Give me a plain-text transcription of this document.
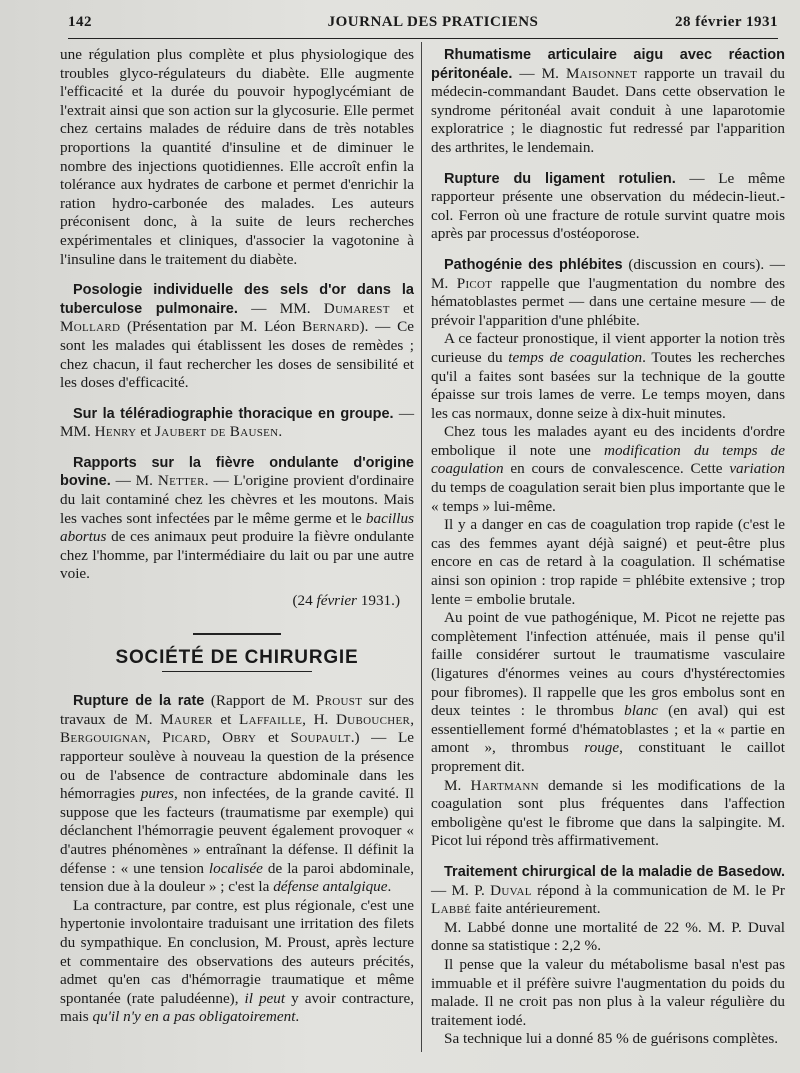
142	JOURNAL DES PRATICIENS	28 février 1931

une régulation plus complète et plus physiologique des troubles glyco-régulateurs du diabète. Elle augmente l'efficacité et la durée du pouvoir hypoglycémiant de l'extrait ainsi que son action sur la glycosurie. Elle permet chez certains malades de réduire dans de très notables proportions la quantité d'insuline et de diminuer le nombre des injections quotidiennes. Elle accroît enfin la tolérance aux hydrates de carbone et permet d'enrichir la ration hydro-carbonée des malades. Les auteurs préconisent donc, à la suite de leurs recherches expérimentales et cliniques, d'associer la vagotonine à l'insuline dans le traitement du diabète.

Posologie individuelle des sels d'or dans la tuberculose pulmonaire. — MM. Dumarest et Mollard (Présentation par M. Léon Bernard). — Ce sont les malades qui établissent les doses de remèdes ; chez chacun, il faut rechercher les doses de sensibilité et les doses d'efficacité.

Sur la téléradiographie thoracique en groupe. — MM. Henry et Jaubert de Bausen.

Rapports sur la fièvre ondulante d'origine bovine. — M. Netter. — L'origine provient d'ordinaire du lait contaminé chez les chèvres et les moutons. Mais les vaches sont infectées par le même germe et le bacillus abortus de ces animaux peut produire la fièvre ondulante chez l'homme, par l'intermédiaire du lait ou par une autre voie.

(24 février 1931.)

SOCIÉTÉ DE CHIRURGIE

Rupture de la rate (Rapport de M. Proust sur des travaux de M. Maurer et Laffaille, H. Duboucher, Bergouignan, Picard, Obry et Soupault.) — Le rapporteur soulève à nouveau la question de la présence ou de l'absence de contracture abdominale dans les hémorragies pures, non infectées, de la grande cavité. Il suppose que les facteurs (traumatisme par exemple) qui déclanchent l'hémorragie peuvent également provoquer « d'autres phénomènes » entraînant la défense. Il définit la défense : « une tension localisée de la paroi abdominale, tension due à la douleur » ; c'est la défense antalgique.

La contracture, par contre, est plus régionale, c'est une hypertonie involontaire traduisant une irritation des filets du sympathique. En conclusion, M. Proust, après lecture et commentaire des observations des auteurs précités, admet qu'en cas d'hémorragie traumatique et même spontanée (rate paludéenne), il peut y avoir contracture, mais qu'il n'y en a pas obligatoirement.

Rhumatisme articulaire aigu avec réaction péritonéale. — M. Maisonnet rapporte un travail du médecin-commandant Baudet. Dans cette observation le syndrome péritonéal avait conduit à une laparotomie exploratrice ; le diagnostic fut redressé par l'apparition des arthrites, le lendemain.

Rupture du ligament rotulien. — Le même rapporteur présente une observation du médecin-lieut.-col. Ferron où une fracture de rotule survint quatre mois après par processus d'ostéoporose.

Pathogénie des phlébites (discussion en cours). — M. Picot rappelle que l'augmentation du nombre des hématoblastes permet — dans une certaine mesure — de prévoir l'apparition d'une phlébite.

A ce facteur pronostique, il vient apporter la notion très curieuse du temps de coagulation. Toutes les recherches qu'il a faites sont basées sur la technique de la goutte épaisse sur trois lames de verre. Le temps moyen, dans les cas normaux, donne seize à dix-huit minutes.

Chez tous les malades ayant eu des incidents d'ordre embolique il note une modification du temps de coagulation en cours de convalescence. Cette variation du temps de coagulation serait bien plus importante que le « temps » lui-même.

Il y a danger en cas de coagulation trop rapide (c'est le cas des femmes ayant déjà saigné) et peut-être plus encore en cas de retard à la coagulation. Il schématise ainsi son opinion : trop rapide = phlébite extensive ; trop lente = embolie brutale.

Au point de vue pathogénique, M. Picot ne rejette pas complètement l'infection atténuée, mais il pense qu'il faille considérer surtout le traumatisme vasculaire (ligatures d'énormes veines au cours d'hystérectomies pour fibromes). Il rappelle que les gros embolus sont en deux teintes : le thrombus blanc (en aval) qui est essentiellement formé d'hématoblastes ; et la « partie en amont », thrombus rouge, constituant le caillot proprement dit.

M. Hartmann demande si les modifications de la coagulation sont plus fréquentes dans l'affection emboligène qu'est le fibrome que dans la salpingite. M. Picot lui répond très affirmativement.

Traitement chirurgical de la maladie de Basedow. — M. P. Duval répond à la communication de M. le Pr Labbé faite antérieurement.

M. Labbé donne une mortalité de 22 %. M. P. Duval donne sa statistique : 2,2 %.

Il pense que la valeur du métabolisme basal n'est pas immuable et il préfère suivre l'augmentation du poids du malade. Il ne croit pas non plus à la valeur régulière du traitement iodé.

Sa technique lui a donné 85 % de guérisons complètes.
